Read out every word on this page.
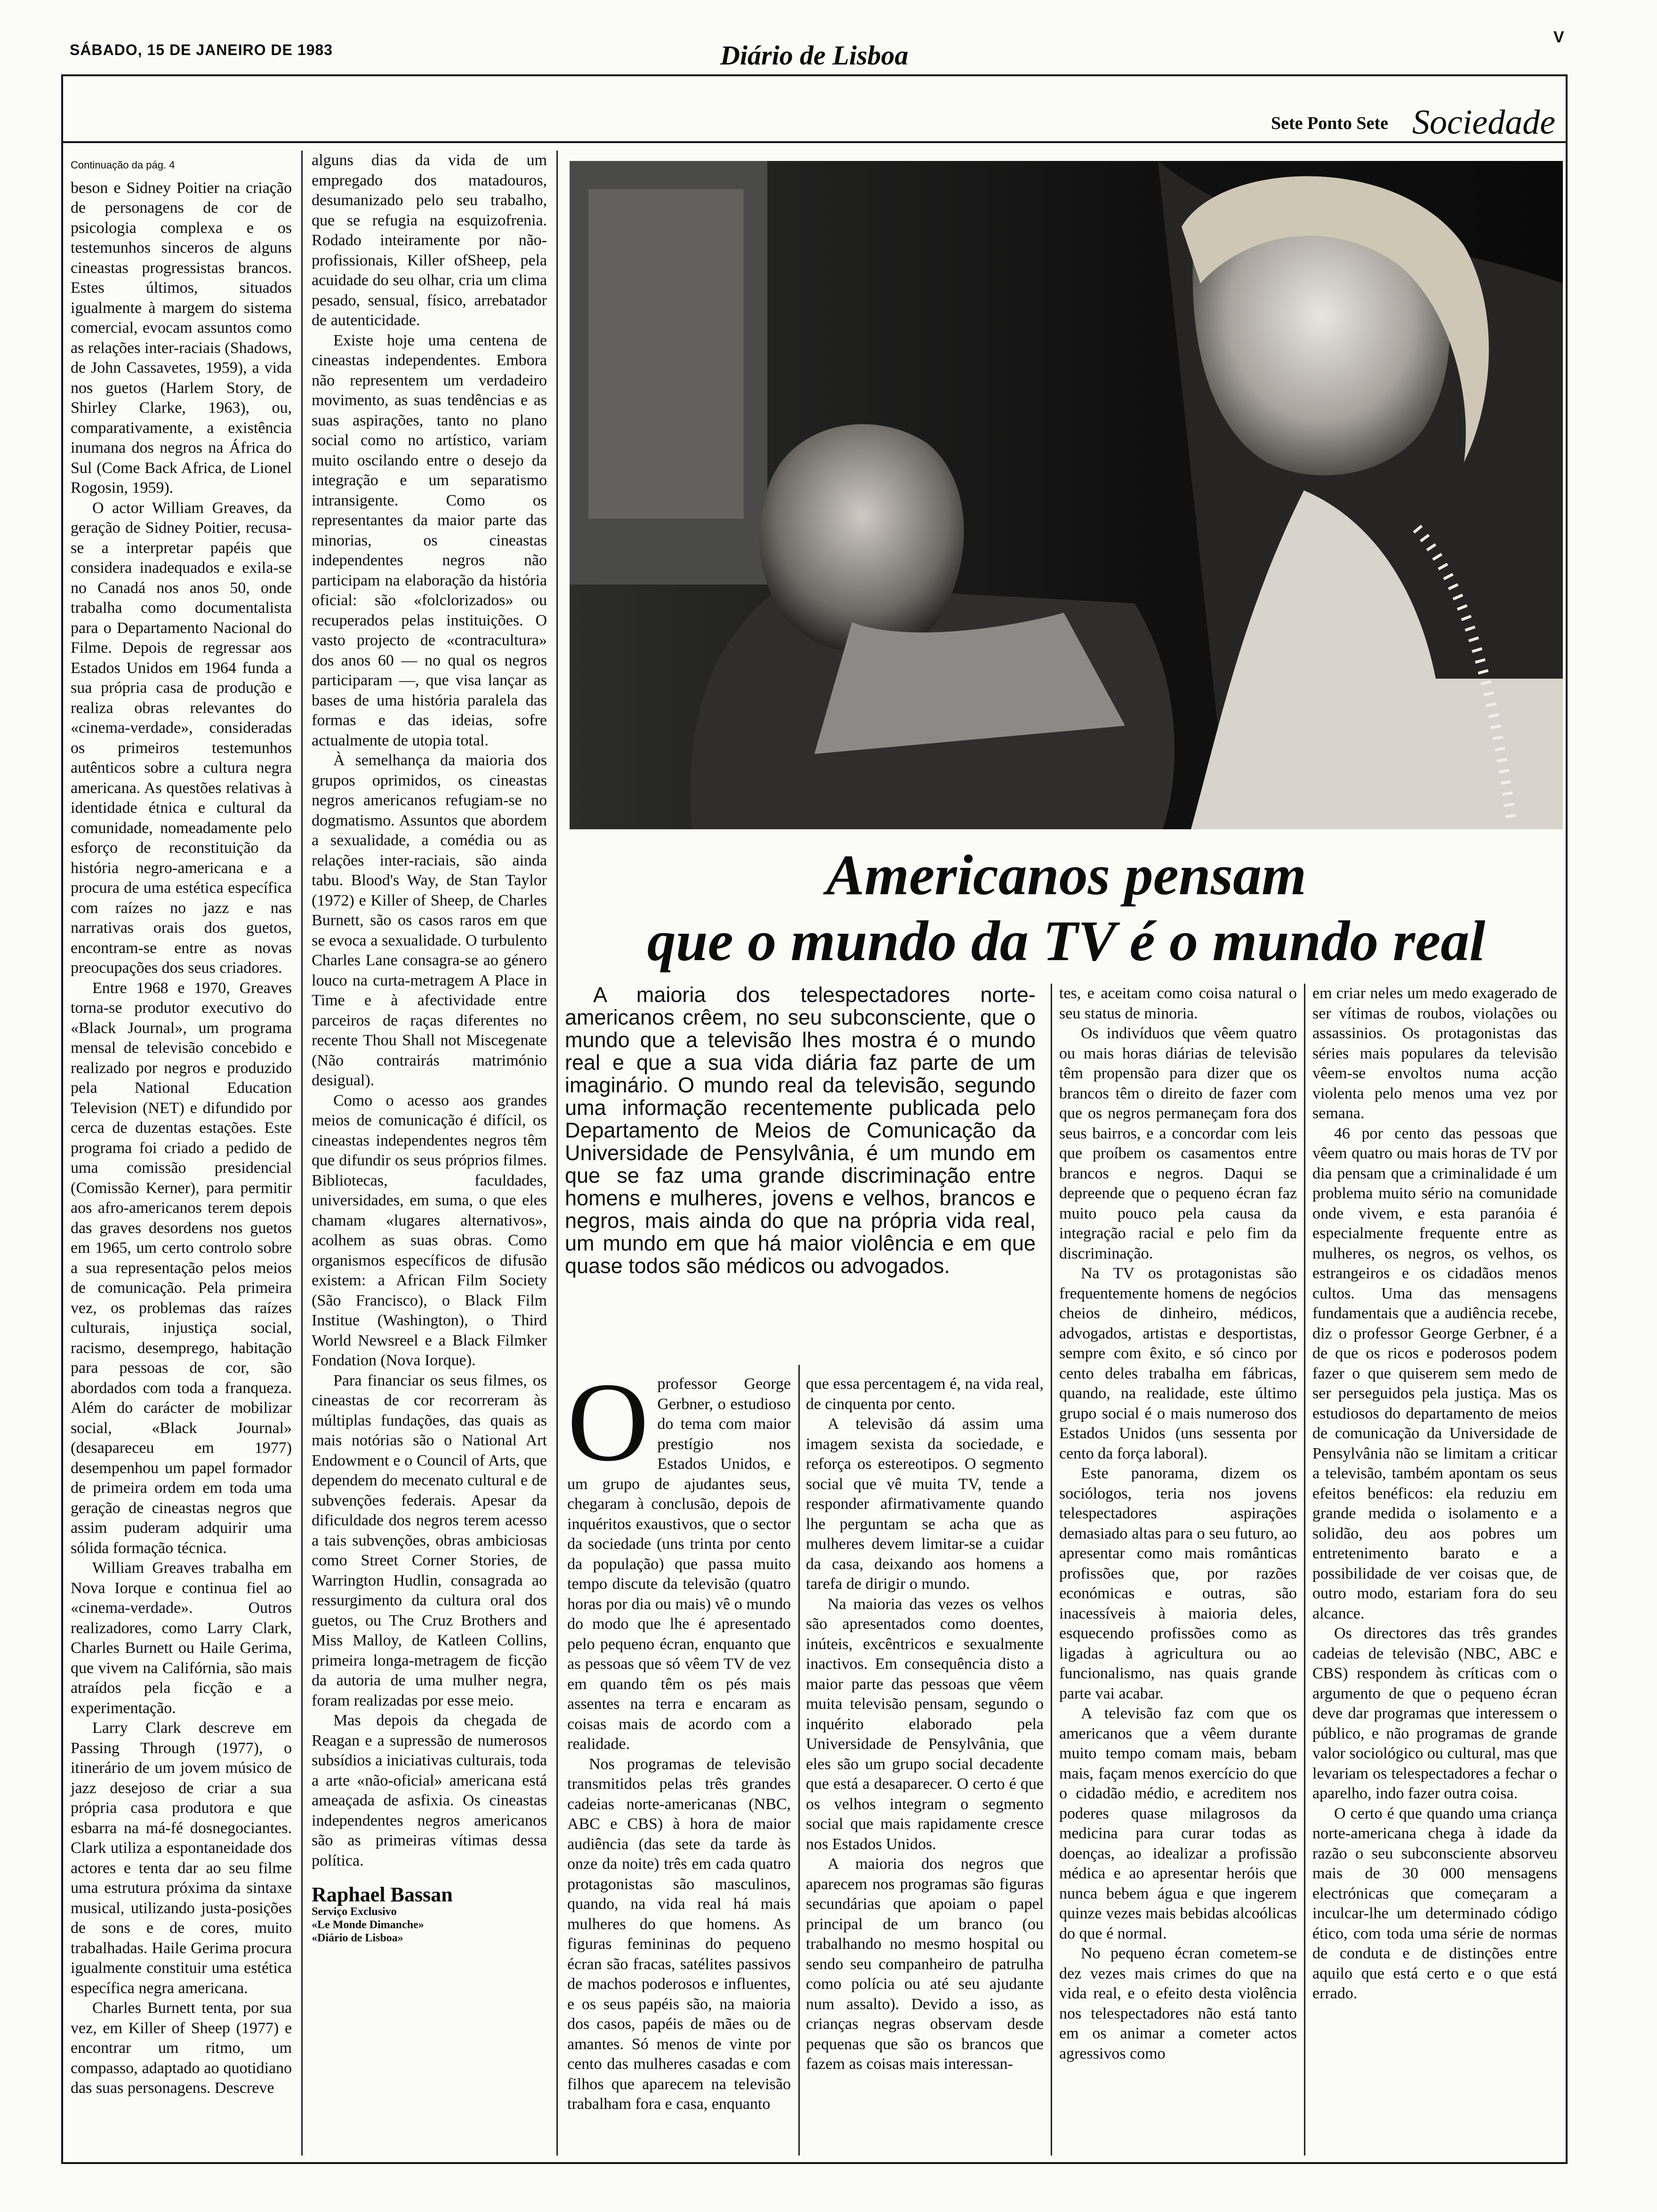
SÁBADO, 15 DE JANEIRO DE 1983	Diário de Lisboa
V
Sete Ponto Sete Sociedade

Continuação da pág. 4

beson e Sidney Poitier na criação de personagens de cor de psicologia complexa e os testemunhos sinceros de alguns cineastas progressistas brancos. Estes últimos, situados igualmente à margem do sistema comercial, evocam assuntos como as relações inter-raciais (Shadows, de John Cassavetes, 1959), a vida nos guetos (Harlem Story, de Shirley Clarke, 1963), ou, comparativamente, a existência inumana dos negros na África do Sul (Come Back Africa, de Lionel Rogosin, 1959).

O actor William Greaves, da geração de Sidney Poitier, recusa-se a interpretar papéis que considera inadequados e exila-se no Canadá nos anos 50, onde trabalha como documentalista para o Departamento Nacional do Filme. Depois de regressar aos Estados Unidos em 1964 funda a sua própria casa de produção e realiza obras relevantes do «cinema-verdade», consideradas os primeiros testemunhos autênticos sobre a cultura negra americana. As questões relativas à identidade étnica e cultural da comunidade, nomeadamente pelo esforço de reconstituição da história negro-americana e a procura de uma estética específica com raízes no jazz e nas narrativas orais dos guetos, encontram-se entre as novas preocupações dos seus criadores.

Entre 1968 e 1970, Greaves torna-se produtor executivo do «Black Journal», um programa mensal de televisão concebido e realizado por negros e produzido pela National Education Television (NET) e difundido por cerca de duzentas estações. Este programa foi criado a pedido de uma comissão presidencial (Comissão Kerner), para permitir aos afro-americanos terem depois das graves desordens nos guetos em 1965, um certo controlo sobre a sua representação pelos meios de comunicação. Pela primeira vez, os problemas das raízes culturais, injustiça social, racismo, desemprego, habitação para pessoas de cor, são abordados com toda a franqueza. Além do carácter de mobilizar social, «Black Journal» (desapareceu em 1977) desempenhou um papel formador de primeira ordem em toda uma geração de cineastas negros que assim puderam adquirir uma sólida formação técnica.

William Greaves trabalha em Nova Iorque e continua fiel ao «cinema-verdade». Outros realizadores, como Larry Clark, Charles Burnett ou Haile Gerima, que vivem na Califórnia, são mais atraídos pela ficção e a experimentação.

Larry Clark descreve em Passing Through (1977), o itinerário de um jovem músico de jazz desejoso de criar a sua própria casa produtora e que esbarra na má-fé dosnegociantes. Clark utiliza a espontaneidade dos actores e tenta dar ao seu filme uma estrutura próxima da sintaxe musical, utilizando justa-posições de sons e de cores, muito trabalhadas. Haile Gerima procura igualmente constituir uma estética específica negra americana.

Charles Burnett tenta, por sua vez, em Killer of Sheep (1977) e encontrar um ritmo, um compasso, adaptado ao quotidiano das suas personagens. Descreve

alguns dias da vida de um empregado dos matadouros, desumanizado pelo seu trabalho, que se refugia na esquizofrenia. Rodado inteiramente por não-profissionais, Killer ofSheep, pela acuidade do seu olhar, cria um clima pesado, sensual, físico, arrebatador de autenticidade.

Existe hoje uma centena de cineastas independentes. Embora não representem um verdadeiro movimento, as suas tendências e as suas aspirações, tanto no plano social como no artístico, variam muito oscilando entre o desejo da integração e um separatismo intransigente. Como os representantes da maior parte das minorias, os cineastas independentes negros não participam na elaboração da história oficial: são «folclorizados» ou recuperados pelas instituições. O vasto projecto de «contracultura» dos anos 60 — no qual os negros participaram —, que visa lançar as bases de uma história paralela das formas e das ideias, sofre actualmente de utopia total.

À semelhança da maioria dos grupos oprimidos, os cineastas negros americanos refugiam-se no dogmatismo. Assuntos que abordem a sexualidade, a comédia ou as relações inter-raciais, são ainda tabu. Blood's Way, de Stan Taylor (1972) e Killer of Sheep, de Charles Burnett, são os casos raros em que se evoca a sexualidade. O turbulento Charles Lane consagra-se ao género louco na curta-metragem A Place in Time e à afectividade entre parceiros de raças diferentes no recente Thou Shall not Miscegenate (Não contrairás matrimónio desigual).

Como o acesso aos grandes meios de comunicação é difícil, os cineastas independentes negros têm que difundir os seus próprios filmes. Bibliotecas, faculdades, universidades, em suma, o que eles chamam «lugares alternativos», acolhem as suas obras. Como organismos específicos de difusão existem: a African Film Society (São Francisco), o Black Film Institue (Washington), o Third World Newsreel e a Black Filmker Fondation (Nova Iorque).

Para financiar os seus filmes, os cineastas de cor recorreram às múltiplas fundações, das quais as mais notórias são o National Art Endowment e o Council of Arts, que dependem do mecenato cultural e de subvenções federais. Apesar da dificuldade dos negros terem acesso a tais subvenções, obras ambiciosas como Street Corner Stories, de Warrington Hudlin, consagrada ao ressurgimento da cultura oral dos guetos, ou The Cruz Brothers and Miss Malloy, de Katleen Collins, primeira longa-metragem de ficção da autoria de uma mulher negra, foram realizadas por esse meio.

Mas depois da chegada de Reagan e a supressão de numerosos subsídios a iniciativas culturais, toda a arte «não-oficial» americana está ameaçada de asfixia. Os cineastas independentes negros americanos são as primeiras vítimas dessa política.

Raphael Bassan

Serviço Exclusivo

«Le Monde Dimanche»

«Diário de Lisboa»

Americanos pensam
que o mundo da TV é o mundo real
A maioria dos telespectadores norte-americanos crêem, no seu subconsciente, que o mundo que a televisão lhes mostra é o mundo real e que a sua vida diária faz parte de um imaginário. O mundo real da televisão, segundo uma informação recentemente publicada pelo Departamento de Meios de Comunicação da Universidade de Pensylvânia, é um mundo em que se faz uma grande discriminação entre homens e mulheres, jovens e velhos, brancos e negros, mais ainda do que na própria vida real, um mundo em que há maior violência e em que quase todos são médicos ou advogados.

O professor George Gerbner, o estudioso do tema com maior prestígio nos Estados Unidos, e um grupo de ajudantes seus, chegaram à conclusão, depois de inquéritos exaustivos, que o sector da sociedade (uns trinta por cento da população) que passa muito tempo discute da televisão (quatro horas por dia ou mais) vê o mundo do modo que lhe é apresentado pelo pequeno écran, enquanto que as pessoas que só vêem TV de vez em quando têm os pés mais assentes na terra e encaram as coisas mais de acordo com a realidade.

Nos programas de televisão transmitidos pelas três grandes cadeias norte-americanas (NBC, ABC e CBS) à hora de maior audiência (das sete da tarde às onze da noite) três em cada quatro protagonistas são masculinos, quando, na vida real há mais mulheres do que homens. As figuras femininas do pequeno écran são fracas, satélites passivos de machos poderosos e influentes, e os seus papéis são, na maioria dos casos, papéis de mães ou de amantes. Só menos de vinte por cento das mulheres casadas e com filhos que aparecem na televisão trabalham fora e casa, enquanto

que essa percentagem é, na vida real, de cinquenta por cento.

A televisão dá assim uma imagem sexista da sociedade, e reforça os estereotipos. O segmento social que vê muita TV, tende a responder afirmativamente quando lhe perguntam se acha que as mulheres devem limitar-se a cuidar da casa, deixando aos homens a tarefa de dirigir o mundo.

Na maioria das vezes os velhos são apresentados como doentes, inúteis, excêntricos e sexualmente inactivos. Em consequência disto a maior parte das pessoas que vêem muita televisão pensam, segundo o inquérito elaborado pela Universidade de Pensylvânia, que eles são um grupo social decadente que está a desaparecer. O certo é que os velhos integram o segmento social que mais rapidamente cresce nos Estados Unidos.

A maioria dos negros que aparecem nos programas são figuras secundárias que apoiam o papel principal de um branco (ou trabalhando no mesmo hospital ou sendo seu companheiro de patrulha como polícia ou até seu ajudante num assalto). Devido a isso, as crianças negras observam desde pequenas que são os brancos que fazem as coisas mais interessan-

tes, e aceitam como coisa natural o seu status de minoria.

Os indivíduos que vêem quatro ou mais horas diárias de televisão têm propensão para dizer que os brancos têm o direito de fazer com que os negros permaneçam fora dos seus bairros, e a concordar com leis que proíbem os casamentos entre brancos e negros. Daqui se depreende que o pequeno écran faz muito pouco pela causa da integração racial e pelo fim da discriminação.

Na TV os protagonistas são frequentemente homens de negócios cheios de dinheiro, médicos, advogados, artistas e desportistas, sempre com êxito, e só cinco por cento deles trabalha em fábricas, quando, na realidade, este último grupo social é o mais numeroso dos Estados Unidos (uns sessenta por cento da força laboral).

Este panorama, dizem os sociólogos, teria nos jovens telespectadores aspirações demasiado altas para o seu futuro, ao apresentar como mais românticas profissões que, por razões económicas e outras, são inacessíveis à maioria deles, esquecendo profissões como as ligadas à agricultura ou ao funcionalismo, nas quais grande parte vai acabar.

A televisão faz com que os americanos que a vêem durante muito tempo comam mais, bebam mais, façam menos exercício do que o cidadão médio, e acreditem nos poderes quase milagrosos da medicina para curar todas as doenças, ao idealizar a profissão médica e ao apresentar heróis que nunca bebem água e que ingerem quinze vezes mais bebidas alcoólicas do que é normal.

No pequeno écran cometem-se dez vezes mais crimes do que na vida real, e o efeito desta violência nos telespectadores não está tanto em os animar a cometer actos agressivos como

em criar neles um medo exagerado de ser vítimas de roubos, violações ou assassinios. Os protagonistas das séries mais populares da televisão vêem-se envoltos numa acção violenta pelo menos uma vez por semana.

46 por cento das pessoas que vêem quatro ou mais horas de TV por dia pensam que a criminalidade é um problema muito sério na comunidade onde vivem, e esta paranóia é especialmente frequente entre as mulheres, os negros, os velhos, os estrangeiros e os cidadãos menos cultos. Uma das mensagens fundamentais que a audiência recebe, diz o professor George Gerbner, é a de que os ricos e poderosos podem fazer o que quiserem sem medo de ser perseguidos pela justiça. Mas os estudiosos do departamento de meios de comunicação da Universidade de Pensylvânia não se limitam a criticar a televisão, também apontam os seus efeitos benéficos: ela reduziu em grande medida o isolamento e a solidão, deu aos pobres um entretenimento barato e a possibilidade de ver coisas que, de outro modo, estariam fora do seu alcance.

Os directores das três grandes cadeias de televisão (NBC, ABC e CBS) respondem às críticas com o argumento de que o pequeno écran deve dar programas que interessem o público, e não programas de grande valor sociológico ou cultural, mas que levariam os telespectadores a fechar o aparelho, indo fazer outra coisa.

O certo é que quando uma criança norte-americana chega à idade da razão o seu subconsciente absorveu mais de 30 000 mensagens electrónicas que começaram a inculcar-lhe um determinado código ético, com toda uma série de normas de conduta e de distinções entre aquilo que está certo e o que está errado.
